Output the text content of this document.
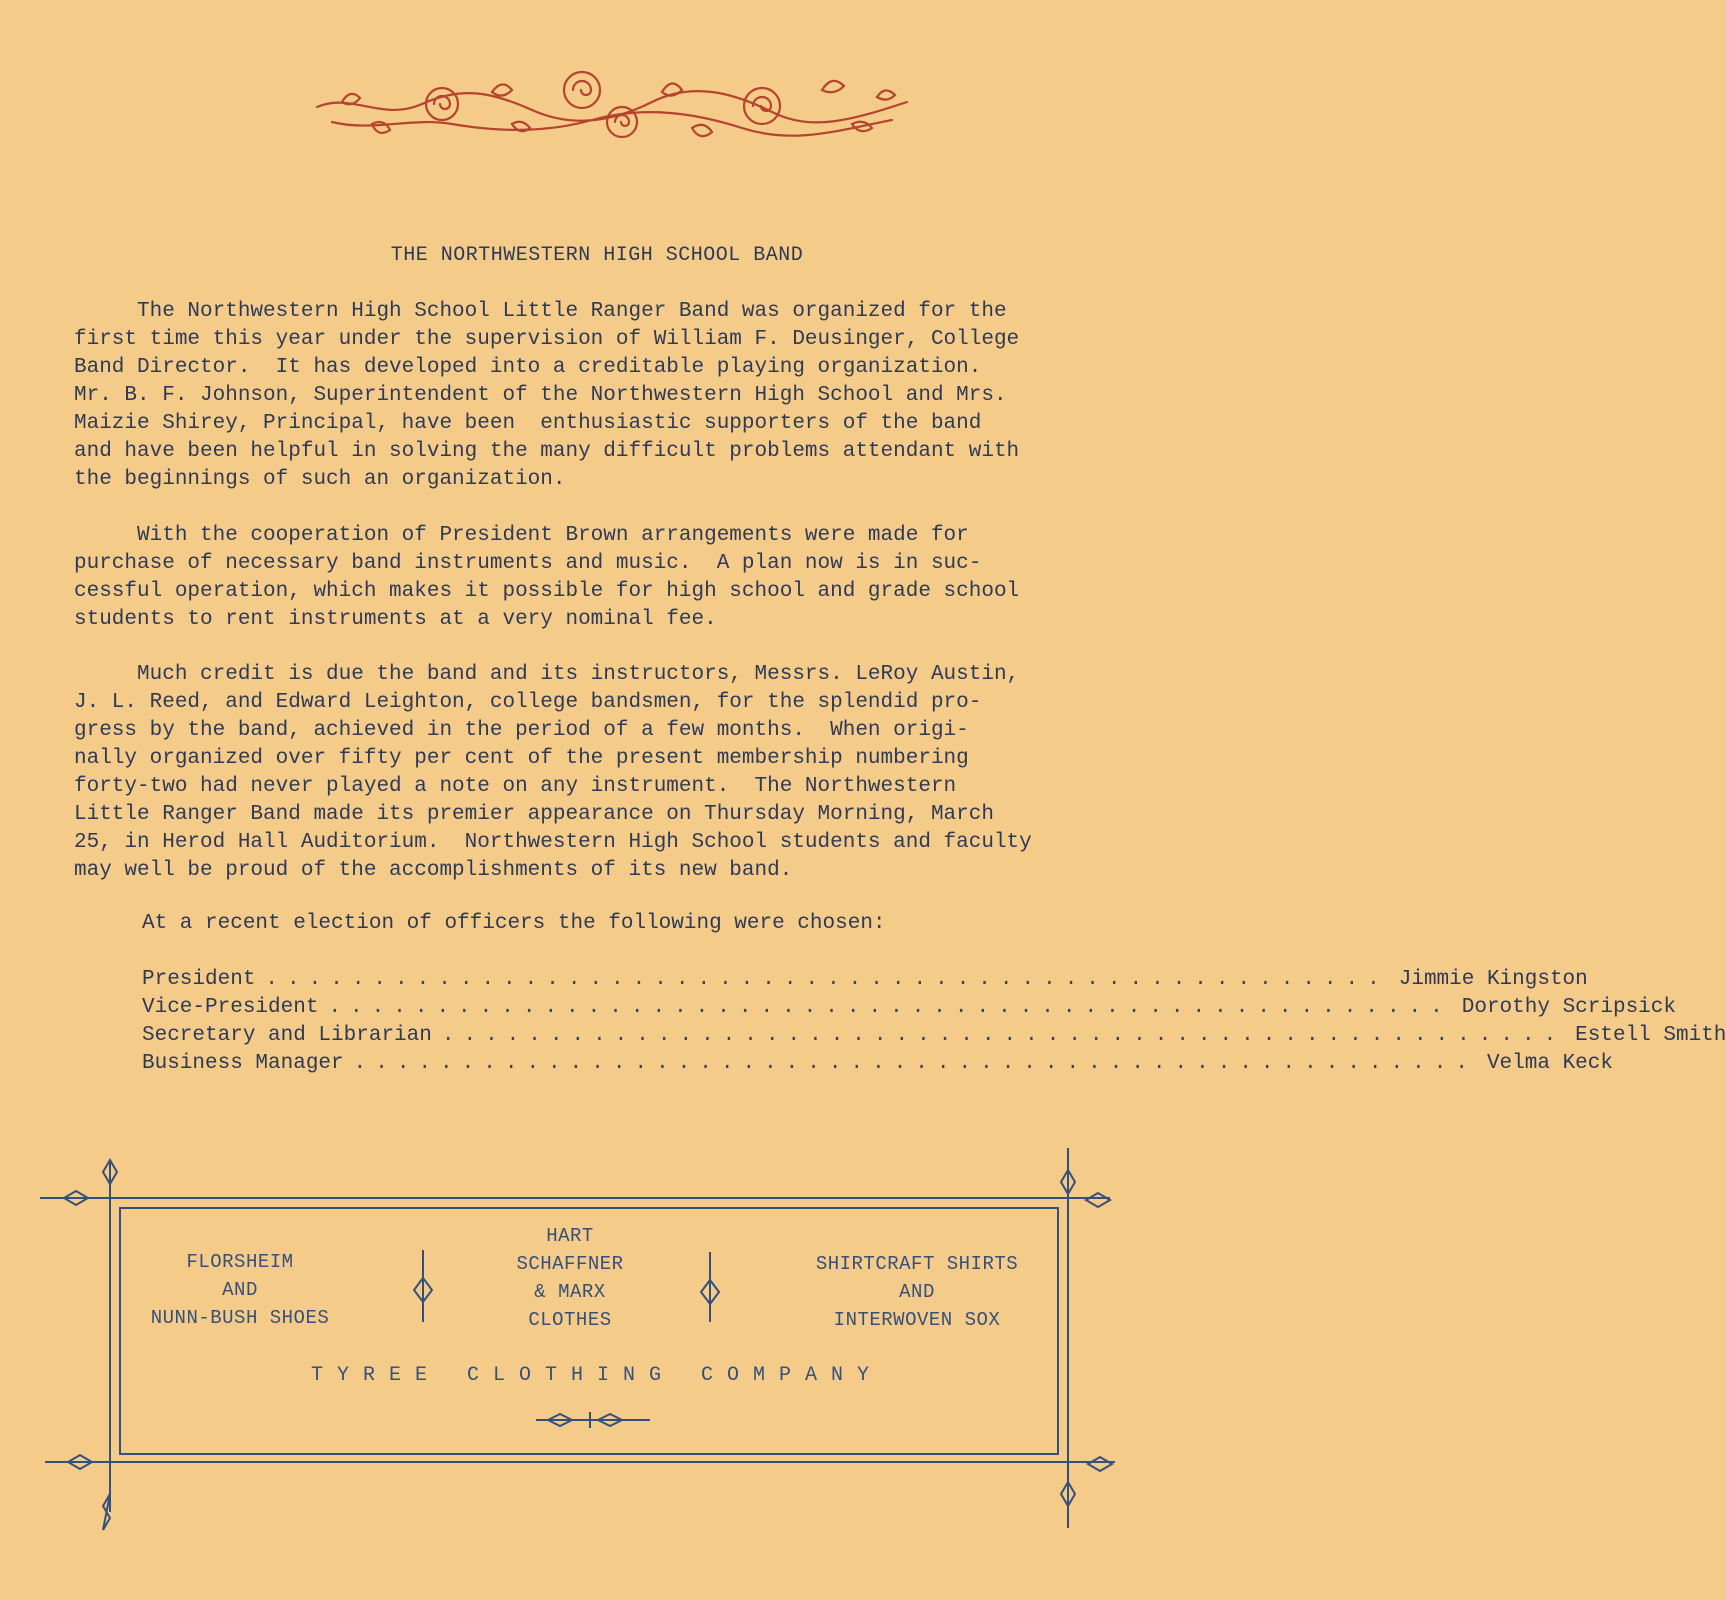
THE NORTHWESTERN HIGH SCHOOL BAND

The Northwestern High School Little Ranger Band was organized for the
first time this year under the supervision of William F. Deusinger, College
Band Director.  It has developed into a creditable playing organization.
Mr. B. F. Johnson, Superintendent of the Northwestern High School and Mrs.
Maizie Shirey, Principal, have been  enthusiastic supporters of the band
and have been helpful in solving the many difficult problems attendant with
the beginnings of such an organization.

With the cooperation of President Brown arrangements were made for
purchase of necessary band instruments and music.  A plan now is in suc-
cessful operation, which makes it possible for high school and grade school
students to rent instruments at a very nominal fee.

Much credit is due the band and its instructors, Messrs. LeRoy Austin,
J. L. Reed, and Edward Leighton, college bandsmen, for the splendid pro-
gress by the band, achieved in the period of a few months.  When origi-
nally organized over fifty per cent of the present membership numbering
forty-two had never played a note on any instrument.  The Northwestern
Little Ranger Band made its premier appearance on Thursday Morning, March
25, in Herod Hall Auditorium.  Northwestern High School students and faculty
may well be proud of the accomplishments of its new band.

At a recent election of officers the following were chosen:

President .................................................... Jimmie Kingston
Vice-President .................................................... Dorothy Scripsick
Secretary and Librarian .................................................... Estell Smith
Business Manager .................................................... Velma Keck
FLORSHEIM
AND
NUNN-BUSH SHOES
HART
SCHAFFNER
& MARX
CLOTHES
SHIRTCRAFT SHIRTS
AND
INTERWOVEN SOX
TYREE CLOTHING COMPANY
